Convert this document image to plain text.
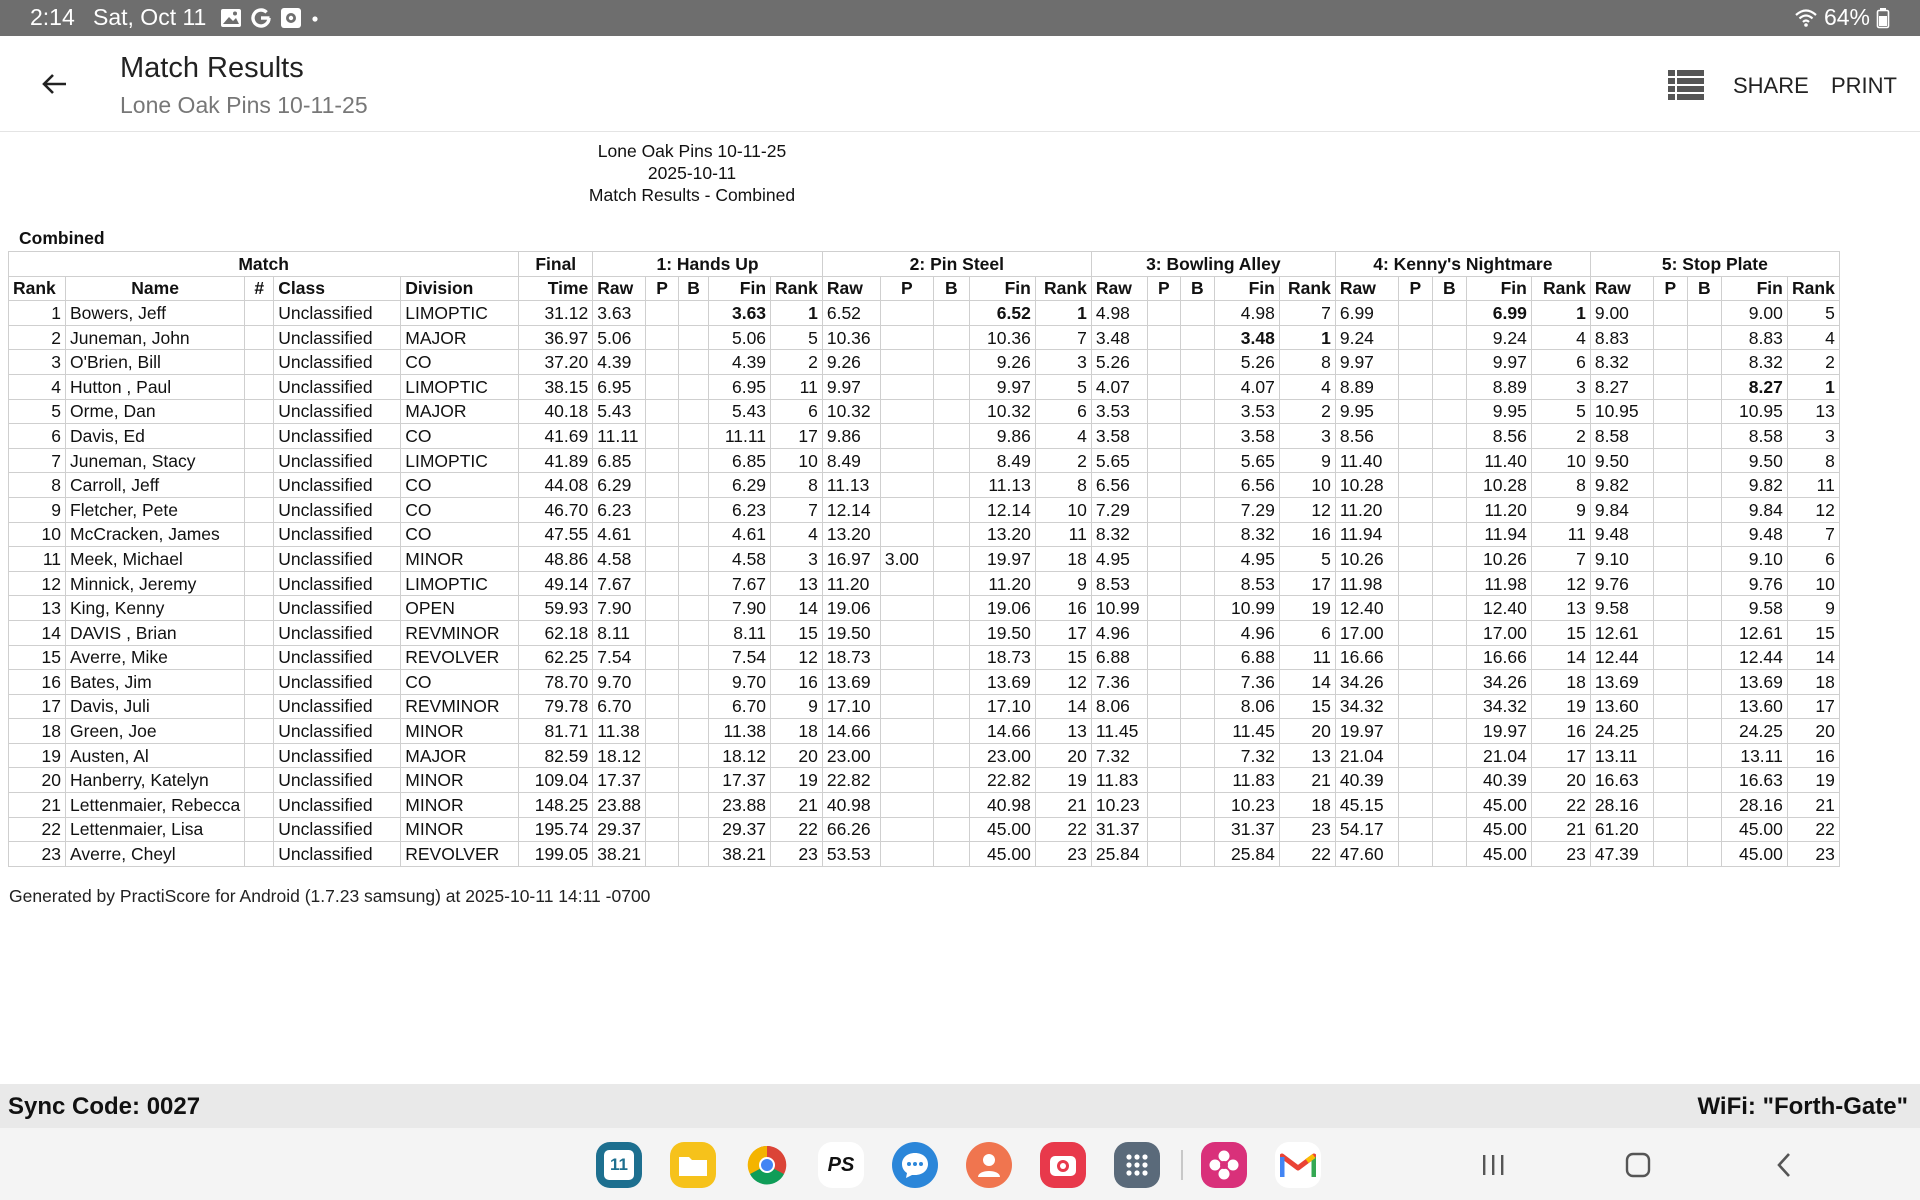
2:14 Sat, Oct 11	64%
Match Results
Lone Oak Pins 10-11-25
SHARE PRINT
Lone Oak Pins 10-11-25
2025-10-11
Match Results - Combined
Combined
Match					Final	1: Hands Up					2: Pin Steel					3: Bowling Alley					4: Kenny's Nightmare					5: Stop Plate				
Rank	Name	#	Class	Division	Time	Raw	P	B	Fin	Rank	Raw	P	B	Fin	Rank	Raw	P	B	Fin	Rank	Raw	P	B	Fin	Rank	Raw	P	B	Fin	Rank
1	Bowers, Jeff		Unclassified	LIMOPTIC	31.12	3.63			3.63	1	6.52			6.52	1	4.98			4.98	7	6.99			6.99	1	9.00			9.00	5
2	Juneman, John		Unclassified	MAJOR	36.97	5.06			5.06	5	10.36			10.36	7	3.48			3.48	1	9.24			9.24	4	8.83			8.83	4
3	O'Brien, Bill		Unclassified	CO	37.20	4.39			4.39	2	9.26			9.26	3	5.26			5.26	8	9.97			9.97	6	8.32			8.32	2
4	Hutton , Paul		Unclassified	LIMOPTIC	38.15	6.95			6.95	11	9.97			9.97	5	4.07			4.07	4	8.89			8.89	3	8.27			8.27	1
5	Orme, Dan		Unclassified	MAJOR	40.18	5.43			5.43	6	10.32			10.32	6	3.53			3.53	2	9.95			9.95	5	10.95			10.95	13
6	Davis, Ed		Unclassified	CO	41.69	11.11			11.11	17	9.86			9.86	4	3.58			3.58	3	8.56			8.56	2	8.58			8.58	3
7	Juneman, Stacy		Unclassified	LIMOPTIC	41.89	6.85			6.85	10	8.49			8.49	2	5.65			5.65	9	11.40			11.40	10	9.50			9.50	8
8	Carroll, Jeff		Unclassified	CO	44.08	6.29			6.29	8	11.13			11.13	8	6.56			6.56	10	10.28			10.28	8	9.82			9.82	11
9	Fletcher, Pete		Unclassified	CO	46.70	6.23			6.23	7	12.14			12.14	10	7.29			7.29	12	11.20			11.20	9	9.84			9.84	12
10	McCracken, James		Unclassified	CO	47.55	4.61			4.61	4	13.20			13.20	11	8.32			8.32	16	11.94			11.94	11	9.48			9.48	7
11	Meek, Michael		Unclassified	MINOR	48.86	4.58			4.58	3	16.97	3.00		19.97	18	4.95			4.95	5	10.26			10.26	7	9.10			9.10	6
12	Minnick, Jeremy		Unclassified	LIMOPTIC	49.14	7.67			7.67	13	11.20			11.20	9	8.53			8.53	17	11.98			11.98	12	9.76			9.76	10
13	King, Kenny		Unclassified	OPEN	59.93	7.90			7.90	14	19.06			19.06	16	10.99			10.99	19	12.40			12.40	13	9.58			9.58	9
14	DAVIS , Brian		Unclassified	REVMINOR	62.18	8.11			8.11	15	19.50			19.50	17	4.96			4.96	6	17.00			17.00	15	12.61			12.61	15
15	Averre, Mike		Unclassified	REVOLVER	62.25	7.54			7.54	12	18.73			18.73	15	6.88			6.88	11	16.66			16.66	14	12.44			12.44	14
16	Bates, Jim		Unclassified	CO	78.70	9.70			9.70	16	13.69			13.69	12	7.36			7.36	14	34.26			34.26	18	13.69			13.69	18
17	Davis, Juli		Unclassified	REVMINOR	79.78	6.70			6.70	9	17.10			17.10	14	8.06			8.06	15	34.32			34.32	19	13.60			13.60	17
18	Green, Joe		Unclassified	MINOR	81.71	11.38			11.38	18	14.66			14.66	13	11.45			11.45	20	19.97			19.97	16	24.25			24.25	20
19	Austen, Al		Unclassified	MAJOR	82.59	18.12			18.12	20	23.00			23.00	20	7.32			7.32	13	21.04			21.04	17	13.11			13.11	16
20	Hanberry, Katelyn		Unclassified	MINOR	109.04	17.37			17.37	19	22.82			22.82	19	11.83			11.83	21	40.39			40.39	20	16.63			16.63	19
21	Lettenmaier, Rebecca		Unclassified	MINOR	148.25	23.88			23.88	21	40.98			40.98	21	10.23			10.23	18	45.15			45.00	22	28.16			28.16	21
22	Lettenmaier, Lisa		Unclassified	MINOR	195.74	29.37			29.37	22	66.26			45.00	22	31.37			31.37	23	54.17			45.00	21	61.20			45.00	22
23	Averre, Cheyl		Unclassified	REVOLVER	199.05	38.21			38.21	23	53.53			45.00	23	25.84			25.84	22	47.60			45.00	23	47.39			45.00	23
Generated by PractiScore for Android (1.7.23 samsung) at 2025-10-11 14:11 -0700
Sync Code: 0027	WiFi: "Forth-Gate"
11	PS
